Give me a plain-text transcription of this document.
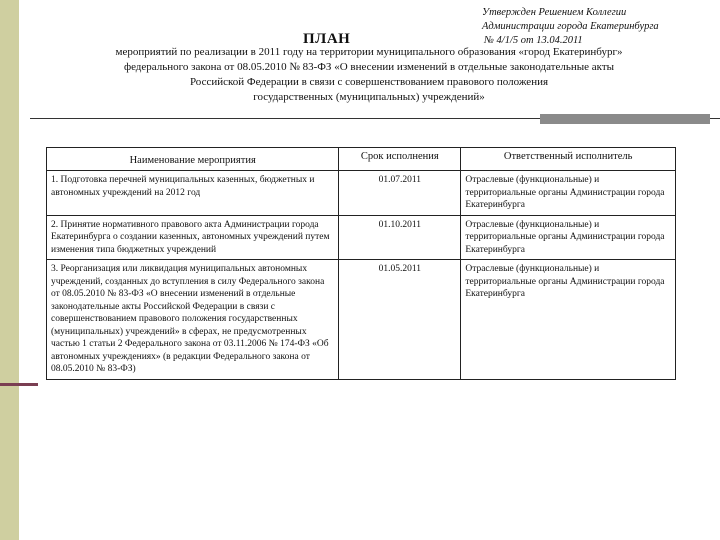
Утвержден Решением Коллегии
Администрации города Екатеринбурга
№ 4/1/5 от 13.04.2011
ПЛАН
мероприятий по реализации в 2011 году на территории муниципального образования «город Екатеринбург»
федерального закона от 08.05.2010 № 83-ФЗ «О внесении изменений в отдельные законодательные акты
Российской Федерации в связи с совершенствованием правового положения
государственных (муниципальных) учреждений»
Наименование мероприятия	Срок исполнения	Ответственный исполнитель
1. Подготовка перечней муниципальных казенных, бюджетных и автономных учреждений на 2012 год	01.07.2011	Отраслевые (функциональные) и территориальные органы Администрации города Екатеринбурга
2. Принятие нормативного правового акта Администрации города Екатеринбурга о создании казенных, автономных учреждений путем изменения типа бюджетных учреждений	01.10.2011	Отраслевые (функциональные) и территориальные органы Администрации города Екатеринбурга
3. Реорганизация или ликвидация муниципальных автономных учреждений, созданных до вступления в силу Федерального закона от 08.05.2010 № 83-ФЗ «О внесении изменений в отдельные законодательные акты Российской Федерации в связи с совершенствованием правового положения государственных (муниципальных) учреждений» в сферах, не предусмотренных частью 1 статьи 2 Федерального закона от 03.11.2006 № 174-ФЗ «Об автономных учреждениях» (в редакции Федерального закона от 08.05.2010 № 83-ФЗ)	01.05.2011	Отраслевые (функциональные) и территориальные органы Администрации города Екатеринбурга
